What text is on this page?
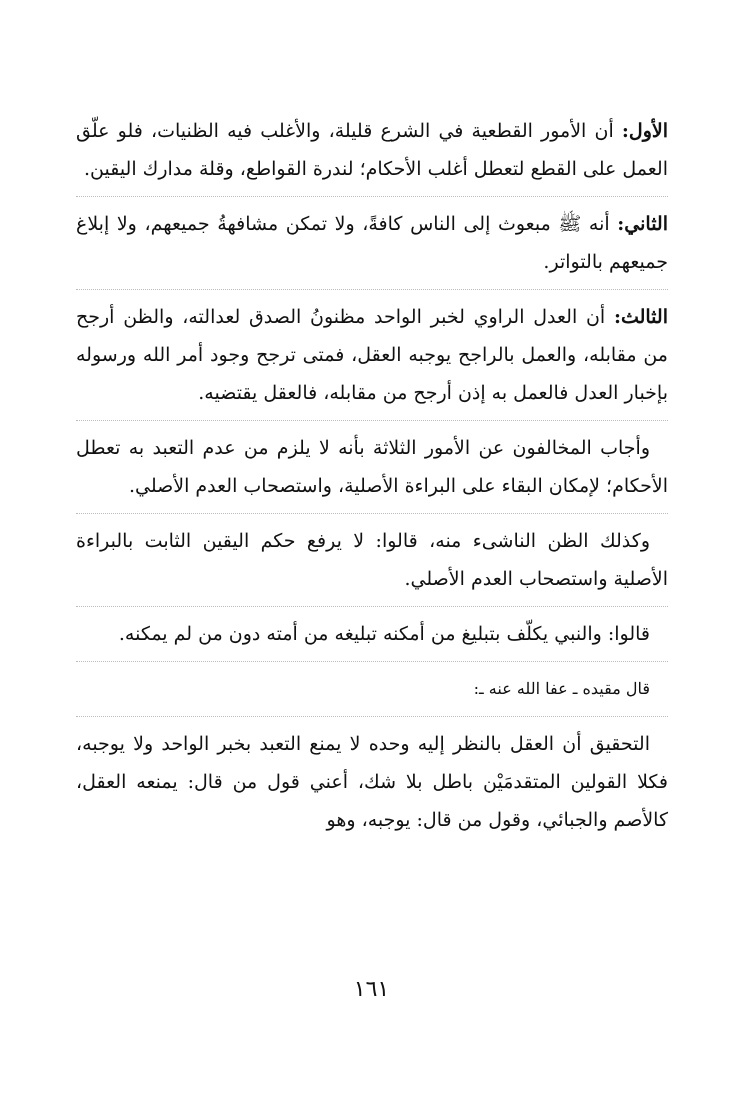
الأول: أن الأمور القطعية في الشرع قليلة، والأغلب فيه الظنيات، فلو علّق العمل على القطع لتعطل أغلب الأحكام؛ لندرة القواطع، وقلة مدارك اليقين.

الثاني: أنه ﷺ مبعوث إلى الناس كافةً، ولا تمكن مشافهةُ جميعهم، ولا إبلاغ جميعهم بالتواتر.

الثالث: أن العدل الراوي لخبر الواحد مظنونُ الصدق لعدالته، والظن أرجح من مقابله، والعمل بالراجح يوجبه العقل، فمتى ترجح وجود أمر الله ورسوله بإخبار العدل فالعمل به إذن أرجح من مقابله، فالعقل يقتضيه.

وأجاب المخالفون عن الأمور الثلاثة بأنه لا يلزم من عدم التعبد به تعطل الأحكام؛ لإمكان البقاء على البراءة الأصلية، واستصحاب العدم الأصلي.

وكذلك الظن الناشىء منه، قالوا: لا يرفع حكم اليقين الثابت بالبراءة الأصلية واستصحاب العدم الأصلي.

قالوا: والنبي يكلّف بتبليغ من أمكنه تبليغه من أمته دون من لم يمكنه.

قال مقيده ـ عفا الله عنه ـ:

التحقيق أن العقل بالنظر إليه وحده لا يمنع التعبد بخبر الواحد ولا يوجبه، فكلا القولين المتقدمَيْن باطل بلا شك، أعني قول من قال: يمنعه العقل، كالأصم والجبائي، وقول من قال: يوجبه، وهو

١٦١
